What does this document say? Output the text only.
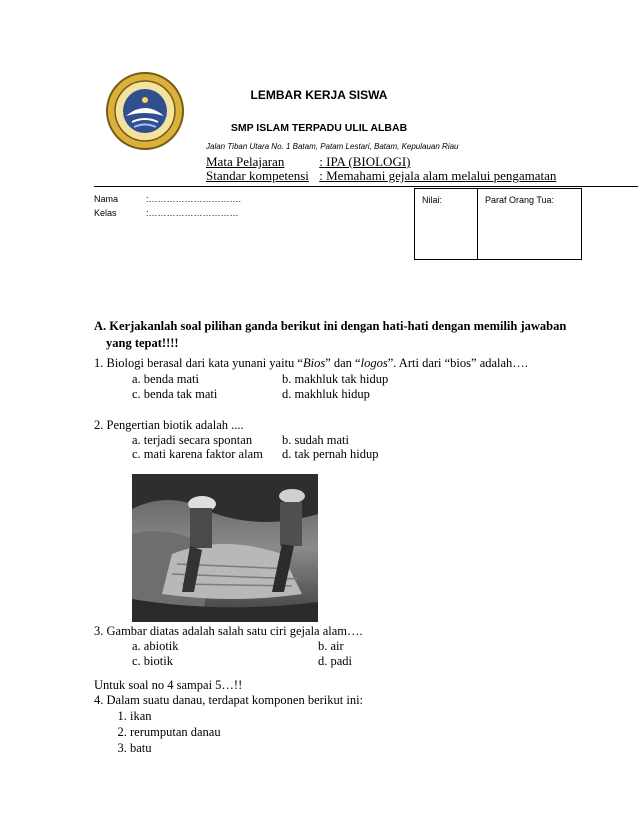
LEMBAR KERJA SISWA
SMP ISLAM TERPADU ULIL ALBAB
Jalan Tiban Utara No. 1 Batam, Patam Lestari, Batam, Kepulauan Riau
Mata Pelajaran	: IPA (BIOLOGI)
Standar kompetensi : Memahami gejala alam melalui pengamatan
Nama	:………………………….
Kelas	:…………………………
Nilai:	Paraf Orang Tua:
A. Kerjakanlah soal pilihan ganda berikut ini dengan hati-hati dengan memilih jawaban
yang tepat!!!!
1. Biologi berasal dari kata yunani yaitu “Bios” dan “logos”. Arti dari “bios” adalah….
a. benda mati	b. makhluk tak hidup
c. benda tak mati	d. makhluk hidup
2. Pengertian biotik adalah ....
a. terjadi secara spontan b. sudah mati
c. mati karena faktor alam d. tak pernah hidup
3. Gambar diatas adalah salah satu ciri gejala alam….
a. abiotik	b. air
c. biotik	d. padi
Untuk soal no 4 sampai 5…!!
4. Dalam suatu danau, terdapat komponen berikut ini:
1. ikan
2. rerumputan danau
3. batu
